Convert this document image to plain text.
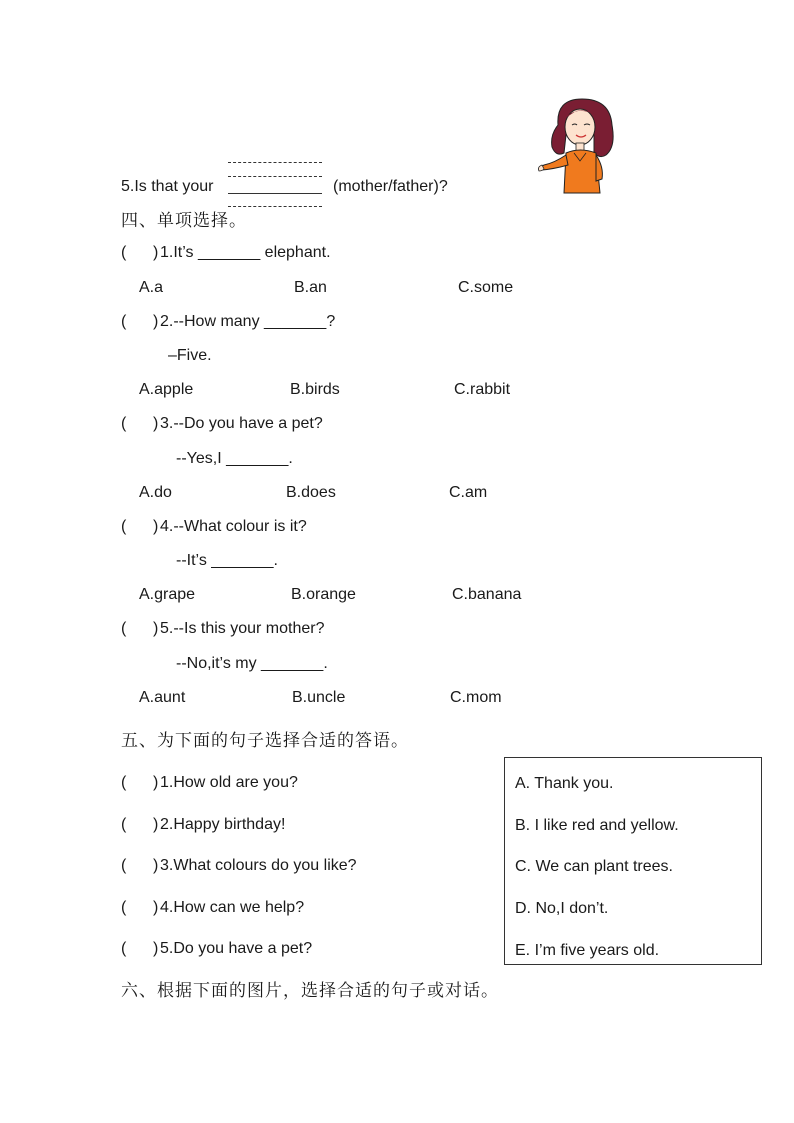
5.Is that your	(mother/father)?
四、单项选择。
(      ) 1.It’s _______ elephant.
A.a	B.an	C.some
(      ) 2.--How many _______?
–Five.
A.apple	B.birds	C.rabbit
(      ) 3.--Do you have a pet?
--Yes,I _______.
A.do	B.does	C.am
(      ) 4.--What colour is it?
--It’s _______.
A.grape	B.orange	C.banana
(      ) 5.--Is this your mother?
--No,it’s my _______.
A.aunt	B.uncle	C.mom
五、为下面的句子选择合适的答语。
(      ) 1.How old are you?
(      ) 2.Happy birthday!
(      ) 3.What colours do you like?
(      ) 4.How can we help?
(      ) 5.Do you have a pet?
A. Thank you.
B. I like red and yellow.
C. We can plant trees.
D. No,I don’t.
E. I’m five years old.
六、根据下面的图片，选择合适的句子或对话。
